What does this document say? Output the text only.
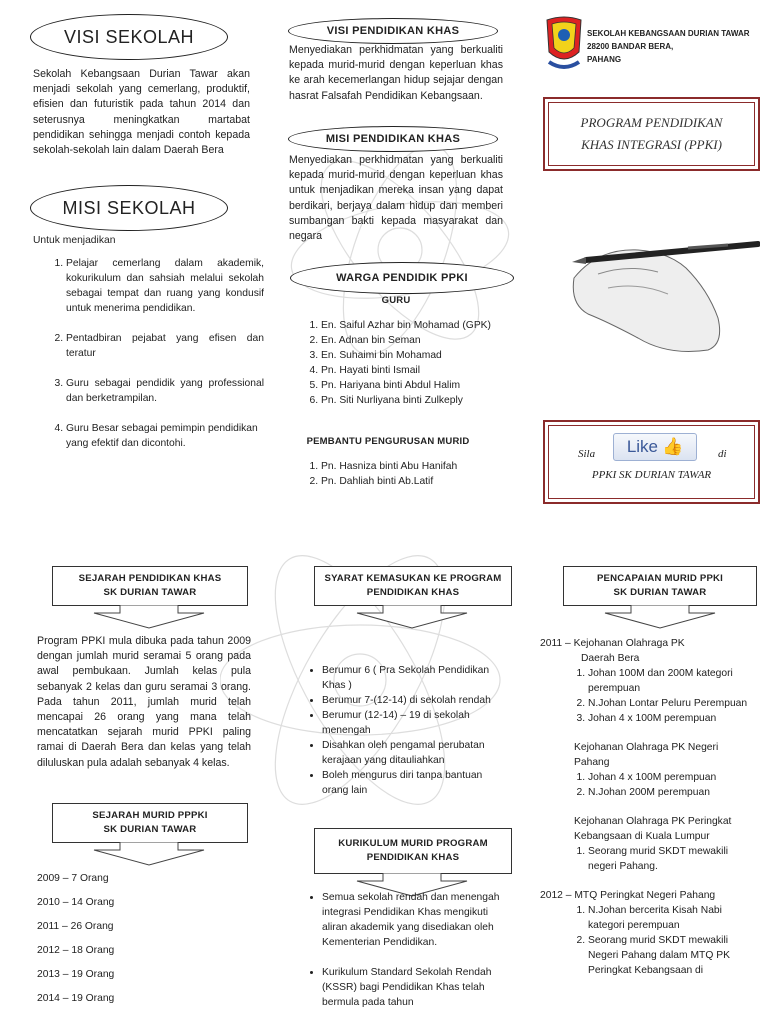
VISI SEKOLAH
Sekolah Kebangsaan Durian Tawar akan menjadi sekolah yang cemerlang, produktif, efisien dan futuristik pada tahun 2014 dan seterusnya meningkatkan martabat pendidikan sehingga menjadi contoh kepada sekolah-sekolah lain dalam Daerah Bera
MISI SEKOLAH
Untuk menjadikan
1. Pelajar cemerlang dalam akademik, kokurikulum dan sahsiah melalui sekolah sebagai tempat dan ruang yang kondusif untuk menerima pendidikan.
2. Pentadbiran pejabat yang efisen dan teratur
3. Guru sebagai pendidik yang professional dan berketrampilan.
4. Guru Besar sebagai pemimpin pendidikan yang efektif dan dicontohi.
VISI PENDIDIKAN KHAS
Menyediakan perkhidmatan yang berkualiti kepada murid-murid dengan keperluan khas ke arah kecemerlangan hidup sejajar dengan hasrat Falsafah Pendidikan Kebangsaan.
MISI PENDIDIKAN KHAS
Menyediakan perkhidmatan yang berkualiti kepada murid-murid dengan keperluan khas untuk menjadikan mereka insan yang dapat berdikari, berjaya dalam hidup dan memberi sumbangan bakti kepada masyarakat dan negara
WARGA PENDIDIK PPKI
GURU
1. En. Saiful Azhar bin Mohamad (GPK)
2. En. Adnan bin Seman
3. En. Suhaimi bin Mohamad
4. Pn. Hayati binti Ismail
5. Pn. Hariyana binti Abdul Halim
6. Pn. Siti Nurliyana binti Zulkeply
PEMBANTU PENGURUSAN MURID
1. Pn. Hasniza binti Abu Hanifah
2. Pn. Dahliah binti Ab.Latif
SEKOLAH KEBANGSAAN DURIAN TAWAR
28200 BANDAR BERA,
PAHANG
PROGRAM PENDIDIKAN KHAS INTEGRASI (PPKI)
Sila Like 👍	di
PPKI SK DURIAN TAWAR
SEJARAH PENDIDIKAN KHAS
SK DURIAN TAWAR
Program PPKI mula dibuka pada tahun 2009 dengan jumlah murid seramai 5 orang pada awal pembukaan. Jumlah kelas pula sebanyak 2 kelas dan guru seramai 3 orang. Pada tahun 2011, jumlah murid telah mencapai 26 orang yang mana telah mencatatkan sejarah murid PPKI paling ramai di Daerah Bera dan kelas yang telah diluluskan pula adalah sebanyak 4 kelas.
SEJARAH MURID PPPKI
SK DURIAN TAWAR
2009 – 7 Orang
2010 – 14 Orang
2011 – 26 Orang
2012 – 18 Orang
2013 – 19 Orang
2014 – 19 Orang
SYARAT KEMASUKAN KE PROGRAM
PENDIDIKAN KHAS
• Berumur 6 ( Pra Sekolah Pendidikan Khas )
• Berumur 7-(12-14) di sekolah rendah
• Berumur (12-14) – 19 di sekolah menengah
• Disahkan oleh pengamal perubatan kerajaan yang ditauliahkan
• Boleh mengurus diri tanpa bantuan orang lain
KURIKULUM MURID PROGRAM
PENDIDIKAN KHAS
• Semua sekolah rendah dan menengah integrasi Pendidikan Khas mengikuti aliran akademik yang disediakan oleh Kementerian Pendidikan.
• Kurikulum Standard Sekolah Rendah (KSSR) bagi Pendidikan Khas telah bermula pada tahun
PENCAPAIAN MURID PPKI
SK DURIAN TAWAR
2011 – Kejohanan Olahraga PK
Daerah Bera
1. Johan 100M dan 200M kategori perempuan
2. N.Johan Lontar Peluru Perempuan
3. Johan 4 x 100M perempuan
Kejohanan Olahraga PK Negeri Pahang
1. Johan 4 x 100M perempuan
2. N.Johan 200M perempuan
Kejohanan Olahraga PK Peringkat Kebangsaan di Kuala Lumpur
1. Seorang murid SKDT mewakili negeri Pahang.
2012 – MTQ Peringkat Negeri Pahang
1. N.Johan bercerita Kisah Nabi kategori perempuan
2. Seorang murid SKDT mewakili Negeri Pahang dalam MTQ PK Peringkat Kebangsaan di
